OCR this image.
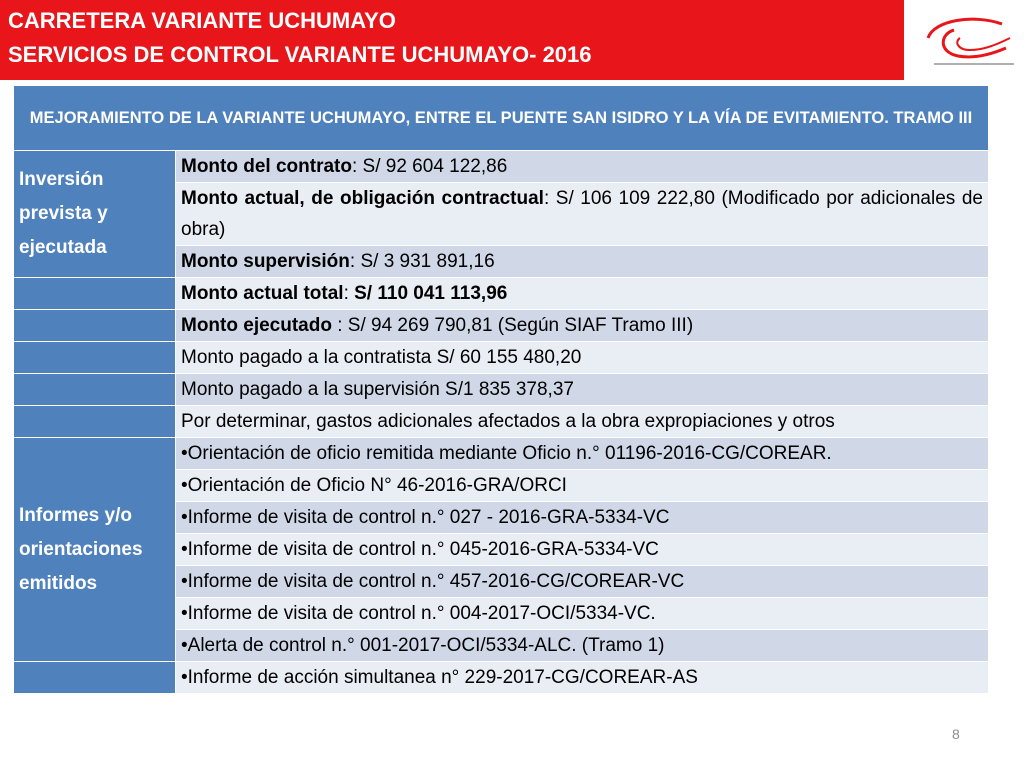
CARRETERA VARIANTE UCHUMAYO
SERVICIOS DE CONTROL VARIANTE UCHUMAYO- 2016
MEJORAMIENTO DE LA VARIANTE UCHUMAYO, ENTRE EL PUENTE SAN ISIDRO Y LA VÍA DE EVITAMIENTO. TRAMO III	
Inversión prevista y ejecutada	Monto del contrato: S/ 92 604 122,86
	Monto actual, de obligación contractual: S/ 106 109 222,80 (Modificado por adicionales de obra)
	Monto supervisión: S/ 3 931 891,16
	Monto actual total: S/ 110 041 113,96
	Monto ejecutado : S/ 94 269 790,81 (Según SIAF Tramo III)
	Monto pagado a la contratista S/ 60 155 480,20
	Monto pagado a la supervisión S/1 835 378,37
	Por determinar, gastos adicionales afectados a la obra expropiaciones y otros
Informes y/o orientaciones emitidos	•Orientación de oficio remitida mediante Oficio n.° 01196-2016-CG/COREAR.
	•Orientación de Oficio N° 46-2016-GRA/ORCI
	•Informe de visita de control n.° 027 - 2016-GRA-5334-VC
	•Informe de visita de control n.° 045-2016-GRA-5334-VC
	•Informe de visita de control n.° 457-2016-CG/COREAR-VC
	•Informe de visita de control n.° 004-2017-OCI/5334-VC.
	•Alerta de control n.° 001-2017-OCI/5334-ALC. (Tramo 1)
	•Informe de acción simultanea n° 229-2017-CG/COREAR-AS
8
